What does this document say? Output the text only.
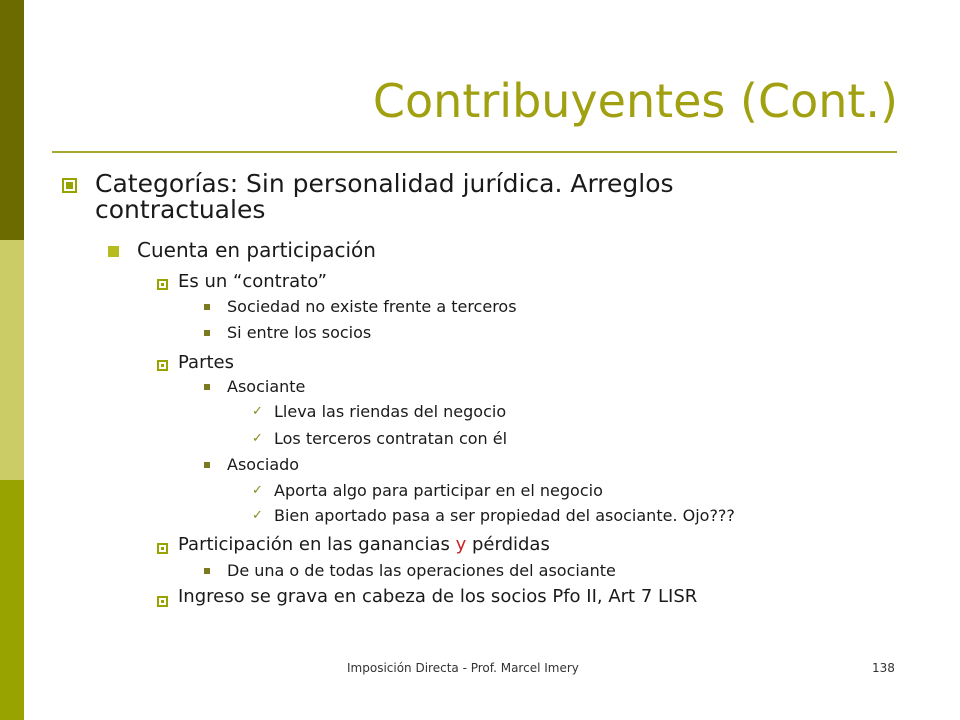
Contribuyentes (Cont.)
Categorías: Sin personalidad jurídica. Arreglos
contractuales
Cuenta en participación
Es un “contrato”
Sociedad no existe frente a terceros
Si entre los socios
Partes
Asociante
✓ Lleva las riendas del negocio
✓ Los terceros contratan con él
Asociado
✓ Aporta algo para participar en el negocio
✓ Bien aportado pasa a ser propiedad del asociante. Ojo???
Participación en las ganancias y pérdidas
De una o de todas las operaciones del asociante
Ingreso se grava en cabeza de los socios Pfo II, Art 7 LISR
Imposición Directa - Prof. Marcel Imery	138
